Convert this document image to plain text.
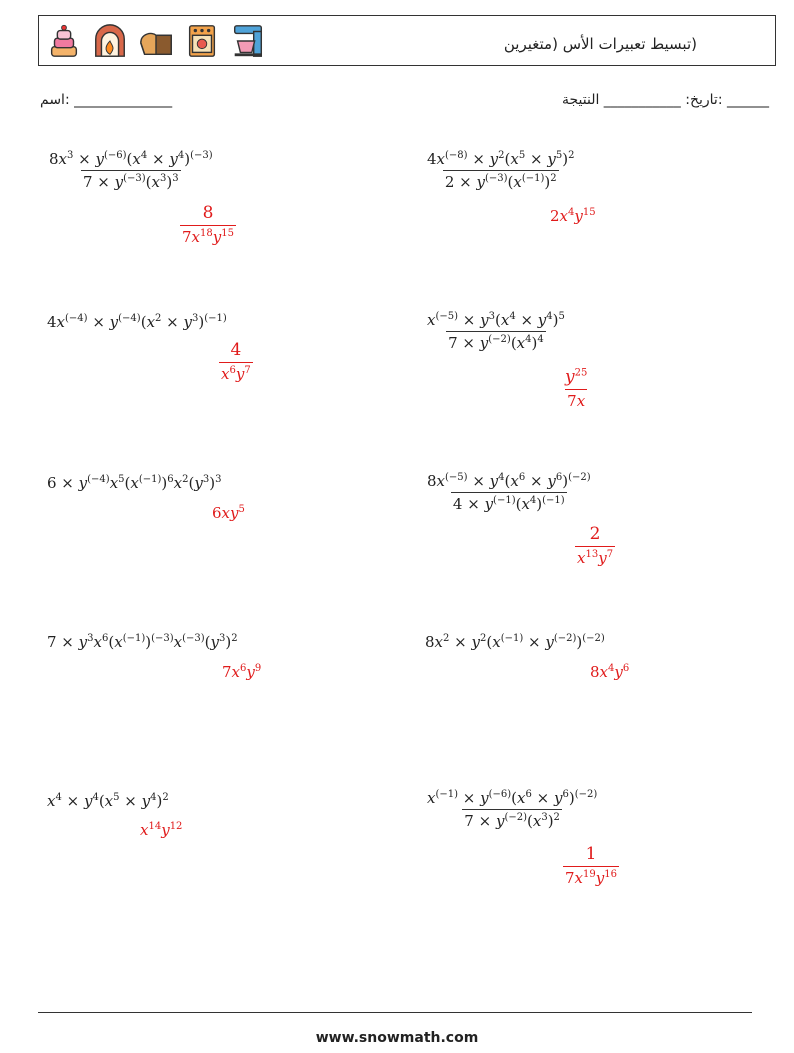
(تبسيط تعبيرات الأس (متغيرين
______________ :اسم	______ :تاريخ: ___________ النتيجة
$\frac{8x^3 \times y^{(-6)}(x^4 \times y^4)^{(-3)}}{7 \times y^{(-3)}(x^3)^3}$
$\frac{8}{7x^{18}y^{15}}$
$\frac{4x^{(-8)} \times y^2(x^5 \times y^5)^2}{2 \times y^{(-3)}(x^{(-1)})^2}$
$2x^4y^{15}$
$4x^{(-4)} \times y^{(-4)}(x^2 \times y^3)^{(-1)}$
$\frac{4}{x^6y^7}$
$\frac{x^{(-5)} \times y^3(x^4 \times y^4)^5}{7 \times y^{(-2)}(x^4)^4}$
$\frac{y^{25}}{7x}$
$6 \times y^{(-4)}x^5(x^{(-1)})^6x^2(y^3)^3$
$6xy^5$	$\frac{8x^{(-5)} \times y^4(x^6 \times y^6)^{(-2)}}{4 \times y^{(-1)}(x^4)^{(-1)}}$
$\frac{2}{x^{13}y^7}$
$7 \times y^3x^6(x^{(-1)})^{(-3)}x^{(-3)}(y^3)^2$
$7x^6y^9$
$8x^2 \times y^2(x^{(-1)} \times y^{(-2)})^{(-2)}$
$8x^4y^6$
$x^4 \times y^4(x^5 \times y^4)^2$
$x^{14}y^{12}$	$\frac{x^{(-1)} \times y^{(-6)}(x^6 \times y^6)^{(-2)}}{7 \times y^{(-2)}(x^3)^2}$
$\frac{1}{7x^{19}y^{16}}$
www.snowmath.com
